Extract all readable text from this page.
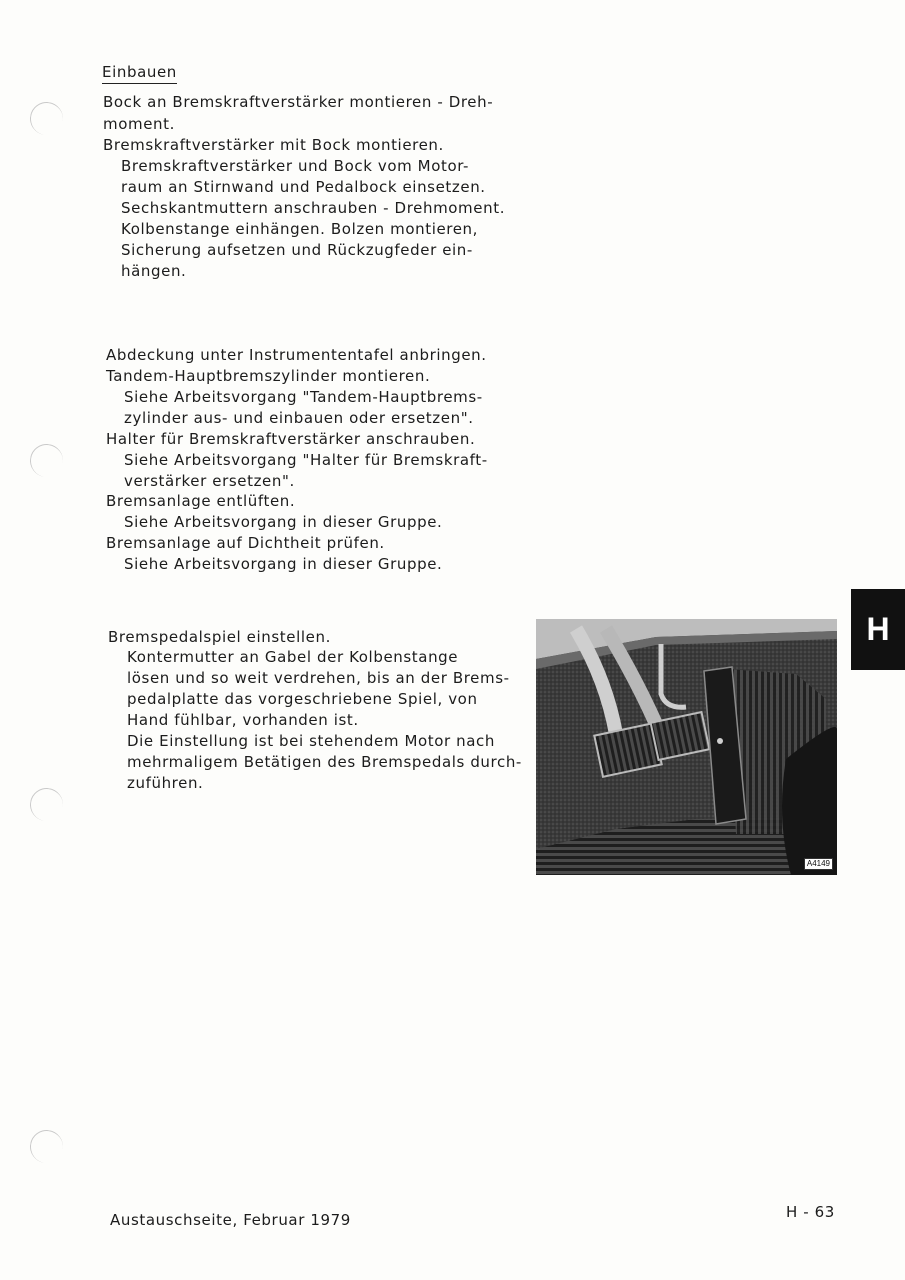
Einbauen
Bock an Bremskraftverstärker montieren - Dreh-
moment.
Bremskraftverstärker mit Bock montieren.
Bremskraftverstärker und Bock vom Motor-
raum an Stirnwand und Pedalbock einsetzen.
Sechskantmuttern anschrauben - Drehmoment.
Kolbenstange einhängen. Bolzen montieren,
Sicherung aufsetzen und Rückzugfeder ein-
hängen.
Abdeckung unter Instrumententafel anbringen.
Tandem-Hauptbremszylinder montieren.
Siehe Arbeitsvorgang "Tandem-Hauptbrems-
zylinder aus- und einbauen oder ersetzen".
Halter für Bremskraftverstärker anschrauben.
Siehe Arbeitsvorgang "Halter für Bremskraft-
verstärker ersetzen".
Bremsanlage entlüften.
Siehe Arbeitsvorgang in dieser Gruppe.
Bremsanlage auf Dichtheit prüfen.
Siehe Arbeitsvorgang in dieser Gruppe.
Bremspedalspiel einstellen.
Kontermutter an Gabel der Kolbenstange
lösen und so weit verdrehen, bis an der Brems-
pedalplatte das vorgeschriebene Spiel, von
Hand fühlbar, vorhanden ist.
Die Einstellung ist bei stehendem Motor nach
mehrmaligem Betätigen des Bremspedals durch-
zuführen.
H
A4149
Austauschseite, Februar 1979	H - 63
